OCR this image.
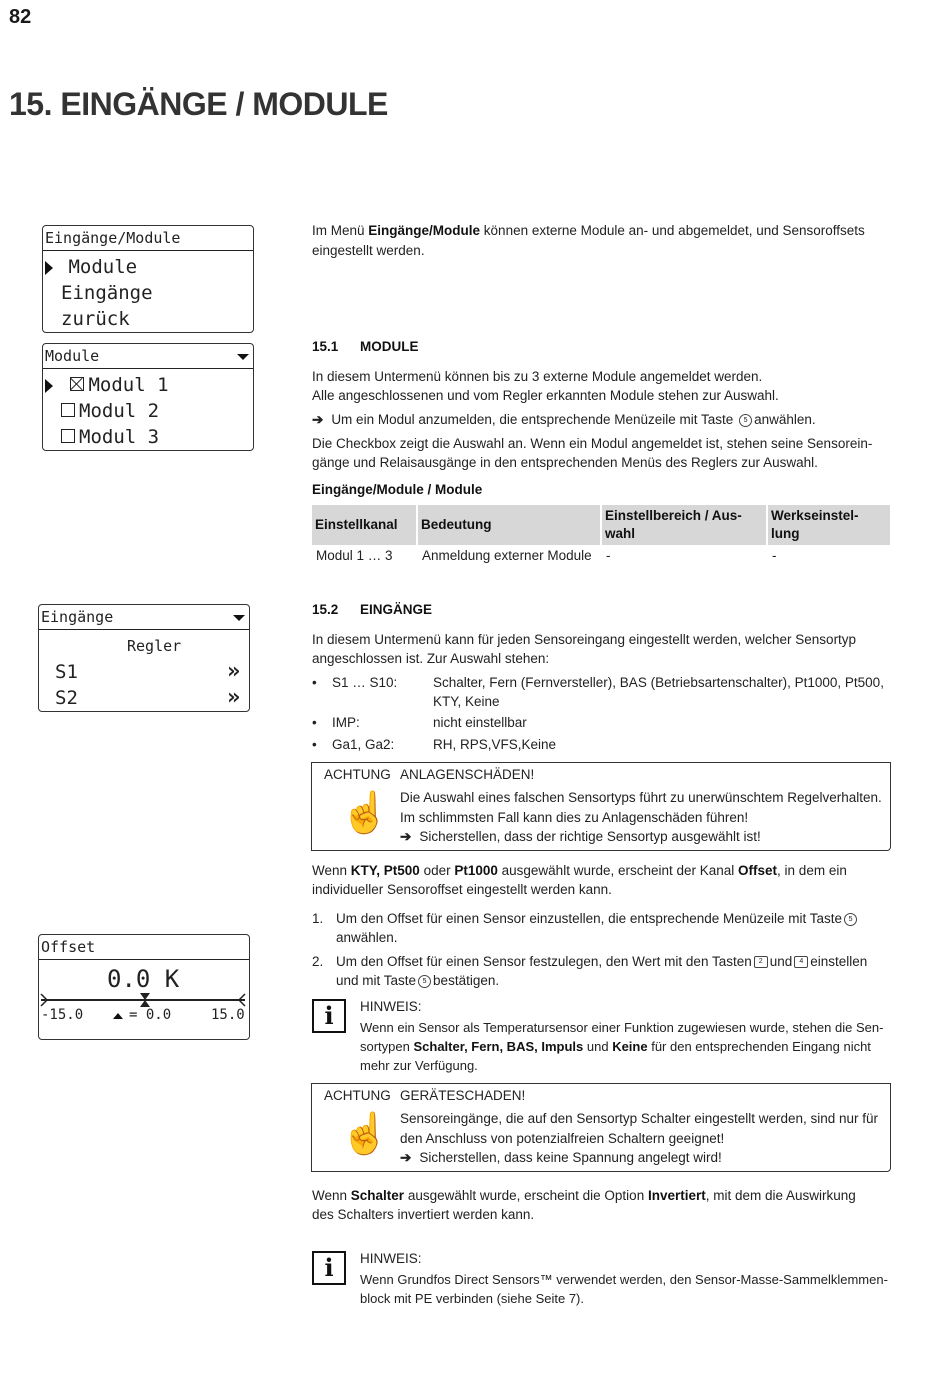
82
15. EINGÄNGE / MODULE
Eingänge/Module
Module
Eingänge
zurück
Module
Modul 1
Modul 2
Modul 3
Eingänge
Regler
S1	»
S2	»
Offset
0.0 K
-15.0	= 0.0	15.0
Im Menü Eingänge/Module können externe Module an- und abgemeldet, und Sensoroffsets eingestellt werden.
15.1 MODULE
In diesem Untermenü können bis zu 3 externe Module angemeldet werden.
Alle angeschlossenen und vom Regler erkannten Module stehen zur Auswahl.
➔ Um ein Modul anzumelden, die entsprechende Menüzeile mit Taste 5 anwählen.
Die Checkbox zeigt die Auswahl an. Wenn ein Modul angemeldet ist, stehen seine Sensorein-
gänge und Relaisausgänge in den entsprechenden Menüs des Reglers zur Auswahl.
Eingänge/Module / Module
Einstellkanal	Bedeutung	Einstellbereich / Aus-wahl	Werkseinstel-lung
Modul 1 … 3	Anmeldung externer Module	-	-
15.2 EINGÄNGE
In diesem Untermenü kann für jeden Sensoreingang eingestellt werden, welcher Sensortyp
angeschlossen ist. Zur Auswahl stehen:
• S1 … S10:	Schalter, Fern (Fernversteller), BAS (Betriebsartenschalter), Pt1000, Pt500,
KTY, Keine
• IMP:	nicht einstellbar
• Ga1, Ga2:	RH, RPS,VFS,Keine
ACHTUNG
☝
ANLAGENSCHÄDEN!
Die Auswahl eines falschen Sensortyps führt zu unerwünschtem Regelverhalten.
Im schlimmsten Fall kann dies zu Anlagenschäden führen!
➔ Sicherstellen, dass der richtige Sensortyp ausgewählt ist!
Wenn KTY, Pt500 oder Pt1000 ausgewählt wurde, erscheint der Kanal Offset, in dem ein
individueller Sensoroffset eingestellt werden kann.
1. Um den Offset für einen Sensor einzustellen, die entsprechende Menüzeile mit Taste 5
anwählen.
2. Um den Offset für einen Sensor festzulegen, den Wert mit den Tasten 2 und 4 einstellen
und mit Taste 5 bestätigen.
i	HINWEIS:
Wenn ein Sensor als Temperatursensor einer Funktion zugewiesen wurde, stehen die Sen-
sortypen Schalter, Fern, BAS, Impuls und Keine für den entsprechenden Eingang nicht
mehr zur Verfügung.
ACHTUNG
☝
GERÄTESCHADEN!
Sensoreingänge, die auf den Sensortyp Schalter eingestellt werden, sind nur für
den Anschluss von potenzialfreien Schaltern geeignet!
➔ Sicherstellen, dass keine Spannung angelegt wird!
Wenn Schalter ausgewählt wurde, erscheint die Option Invertiert, mit dem die Auswirkung
des Schalters invertiert werden kann.
i	HINWEIS:
Wenn Grundfos Direct Sensors™ verwendet werden, den Sensor-Masse-Sammelklemmen-
block mit PE verbinden (siehe Seite 7).
